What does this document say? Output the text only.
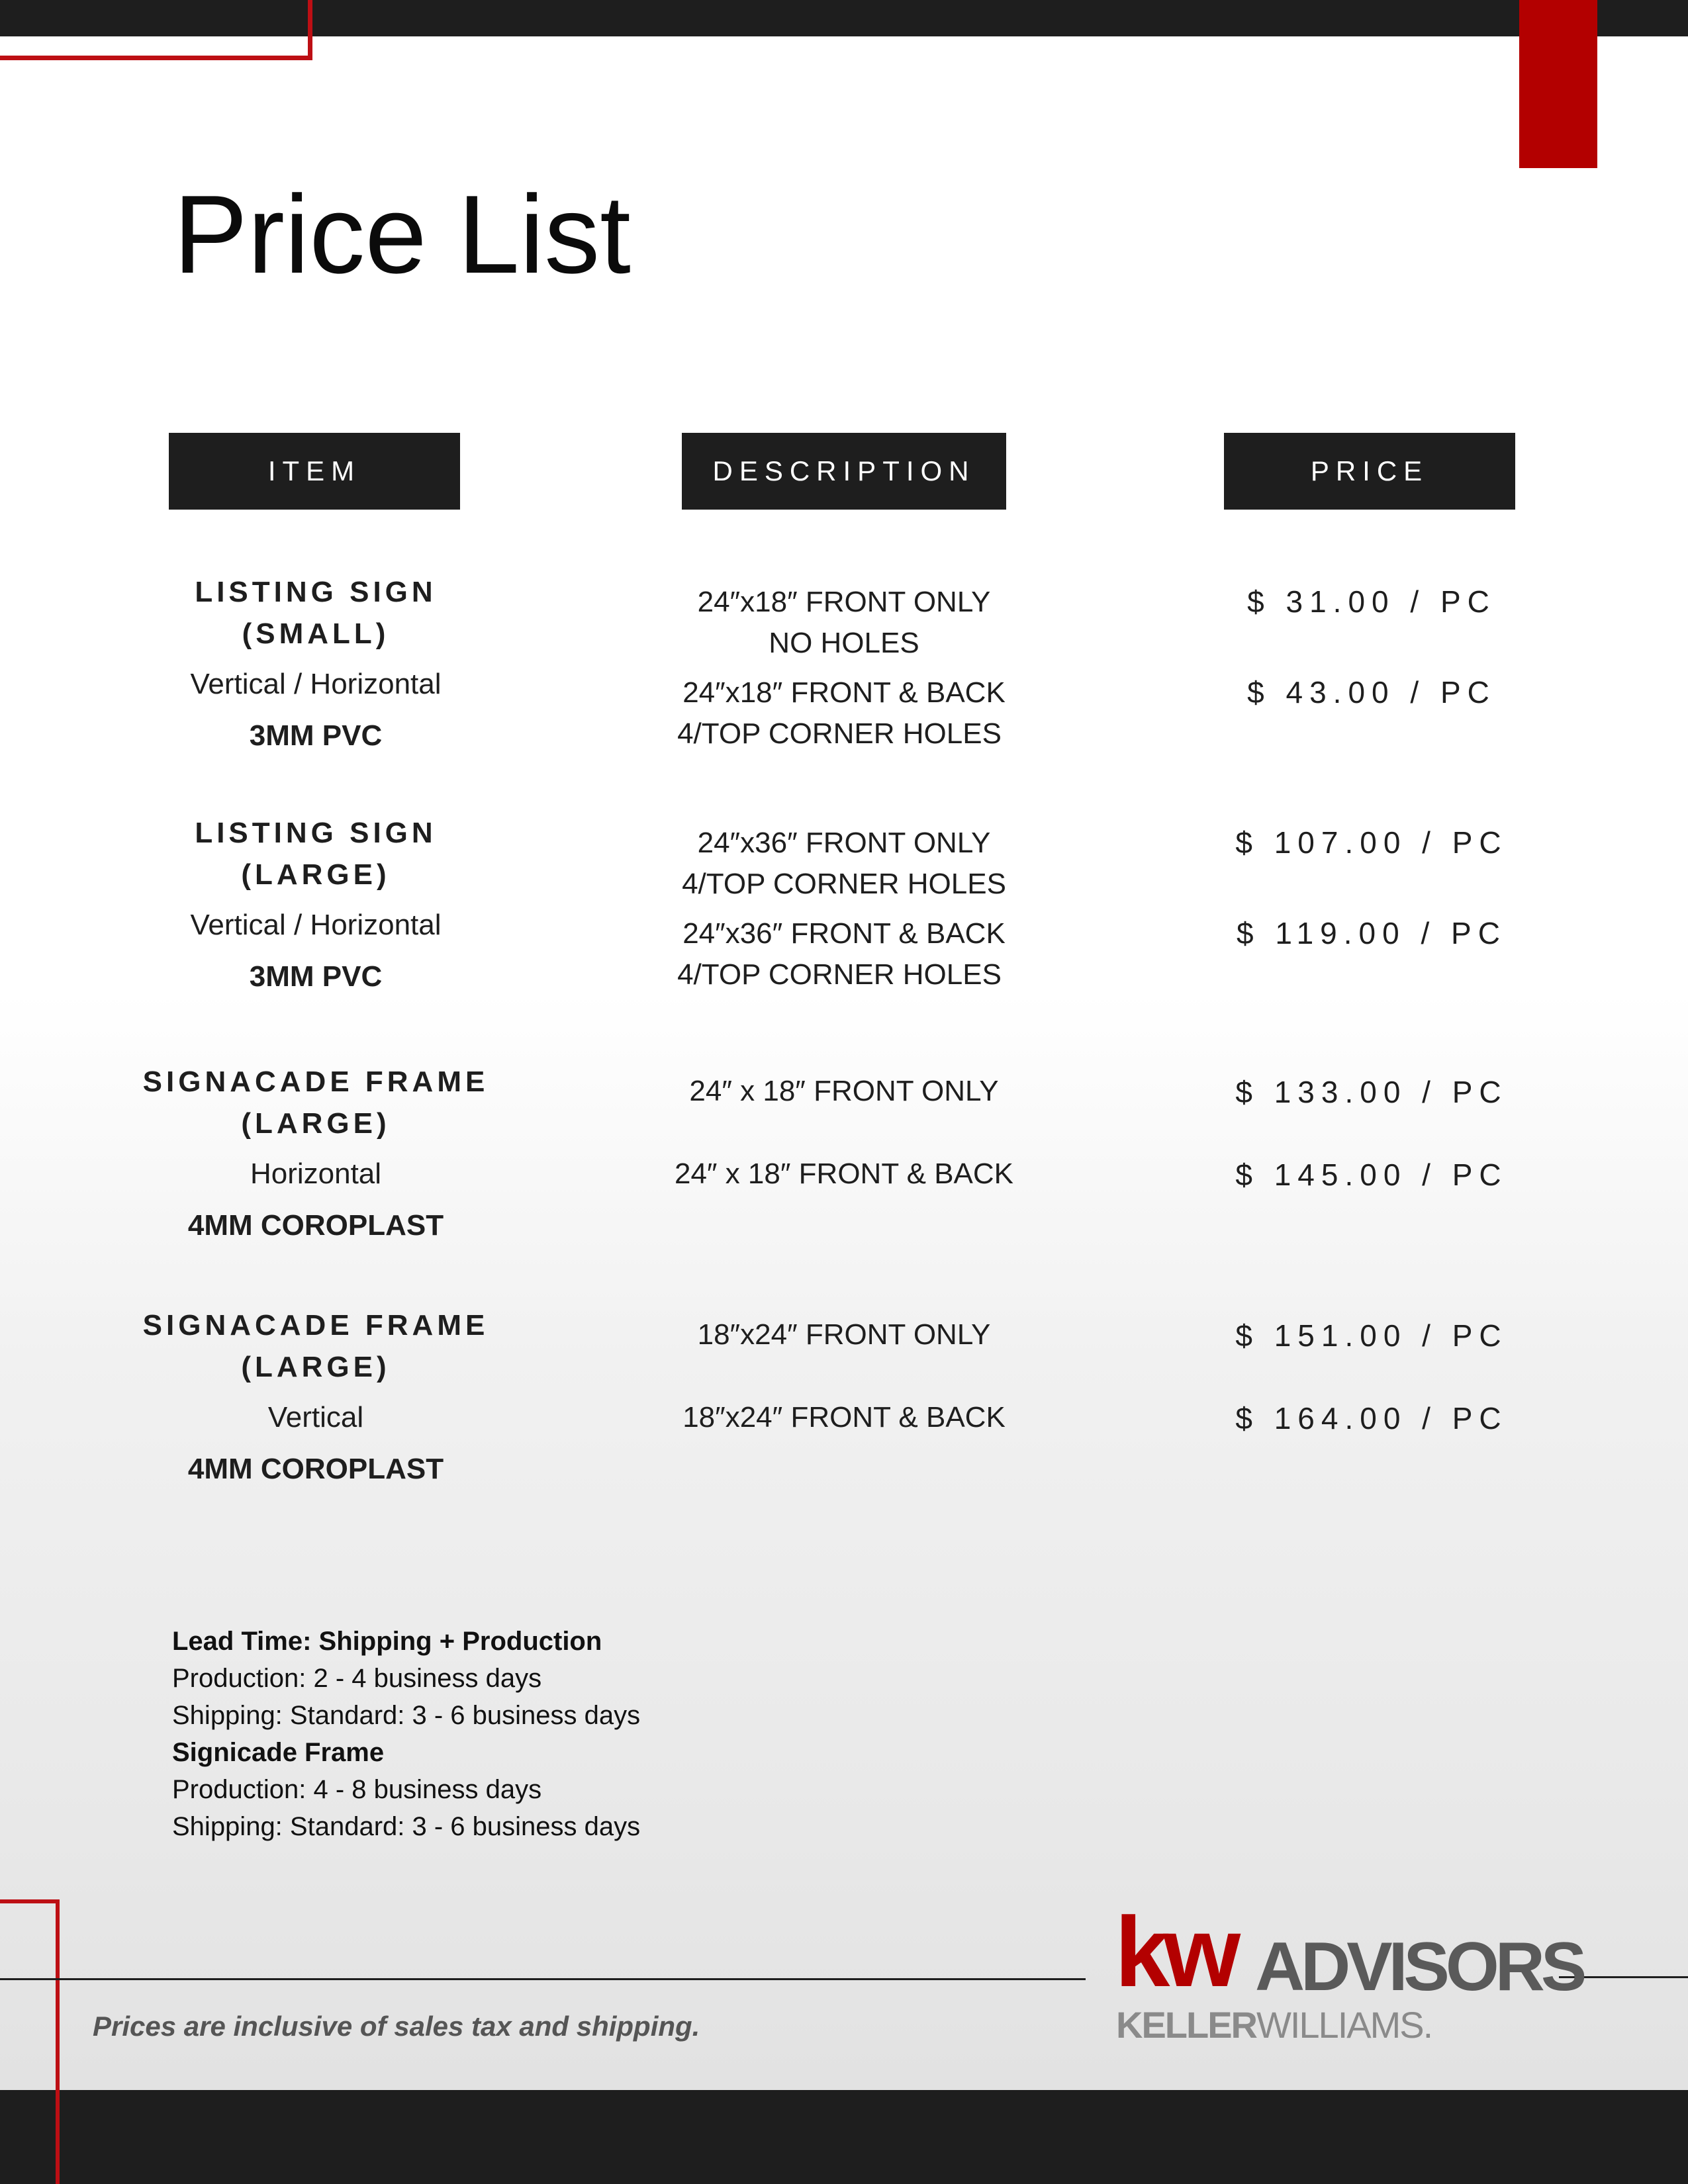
Price List
ITEM	DESCRIPTION	PRICE
LISTING SIGN
(SMALL)
Vertical / Horizontal
3MM PVC
24″x18″ FRONT ONLY
NO HOLES
24″x18″ FRONT & BACK
4/TOP CORNER HOLES
$ 31.00 / PC
$ 43.00 / PC
LISTING SIGN
(LARGE)
Vertical / Horizontal
3MM PVC
24″x36″ FRONT ONLY
4/TOP CORNER HOLES
24″x36″ FRONT & BACK
4/TOP CORNER HOLES
$ 107.00 / PC
$ 119.00 / PC
SIGNACADE FRAME
(LARGE)
Horizontal
4MM COROPLAST
24″ x 18″ FRONT ONLY
24″ x 18″ FRONT & BACK
$ 133.00 / PC
$ 145.00 / PC
SIGNACADE FRAME
(LARGE)
Vertical
4MM COROPLAST
18″x24″ FRONT ONLY
18″x24″ FRONT & BACK
$ 151.00 / PC
$ 164.00 / PC
Lead Time: Shipping + Production
Production: 2 - 4 business days
Shipping: Standard: 3 - 6 business days
Signicade Frame
Production: 4 - 8 business days
Shipping: Standard: 3 - 6 business days
Prices are inclusive of sales tax and shipping.
kw ADVISORS
KELLERWILLIAMS.
